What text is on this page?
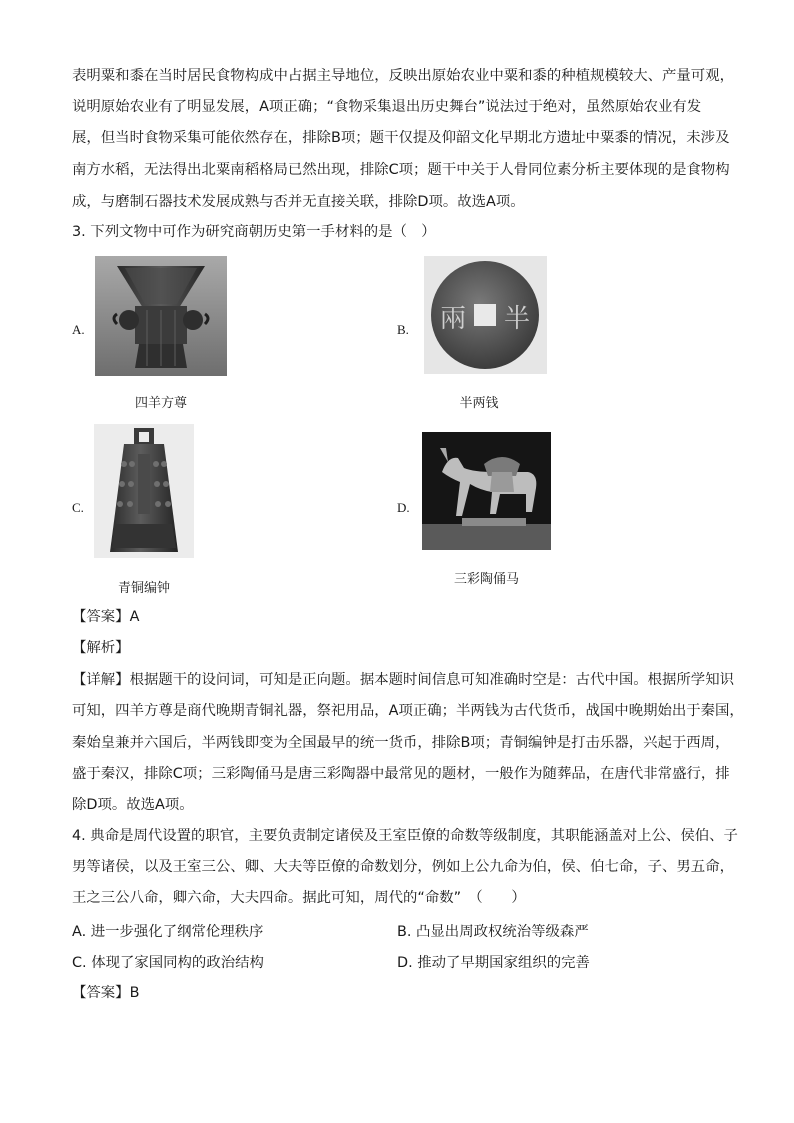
表明粟和黍在当时居民食物构成中占据主导地位，反映出原始农业中粟和黍的种植规模较大、产量可观，
说明原始农业有了明显发展，A项正确；“食物采集退出历史舞台”说法过于绝对，虽然原始农业有发
展，但当时食物采集可能依然存在，排除B项；题干仅提及仰韶文化早期北方遗址中粟黍的情况，未涉及
南方水稻，无法得出北粟南稻格局已然出现，排除C项；题干中关于人骨同位素分析主要体现的是食物构
成，与磨制石器技术发展成熟与否并无直接关联，排除D项。故选A项。
3. 下列文物中可作为研究商朝历史第一手材料的是（　）
A.
四羊方尊
B. 兩 半
半两钱
C.
青铜编钟
D.
三彩陶俑马
【答案】A
【解析】
【详解】根据题干的设问词，可知是正向题。据本题时间信息可知准确时空是：古代中国。根据所学知识
可知，四羊方尊是商代晚期青铜礼器，祭祀用品，A项正确；半两钱为古代货币，战国中晚期始出于秦国，
秦始皇兼并六国后，半两钱即变为全国最早的统一货币，排除B项；青铜编钟是打击乐器，兴起于西周，
盛于秦汉，排除C项；三彩陶俑马是唐三彩陶器中最常见的题材，一般作为随葬品，在唐代非常盛行，排
除D项。故选A项。
4. 典命是周代设置的职官，主要负责制定诸侯及王室臣僚的命数等级制度，其职能涵盖对上公、侯伯、子
男等诸侯，以及王室三公、卿、大夫等臣僚的命数划分，例如上公九命为伯，侯、伯七命，子、男五命，
王之三公八命，卿六命，大夫四命。据此可知，周代的“命数”　（　　）
A. 进一步强化了纲常伦理秩序	B. 凸显出周政权统治等级森严
C. 体现了家国同构的政治结构	D. 推动了早期国家组织的完善
【答案】B
